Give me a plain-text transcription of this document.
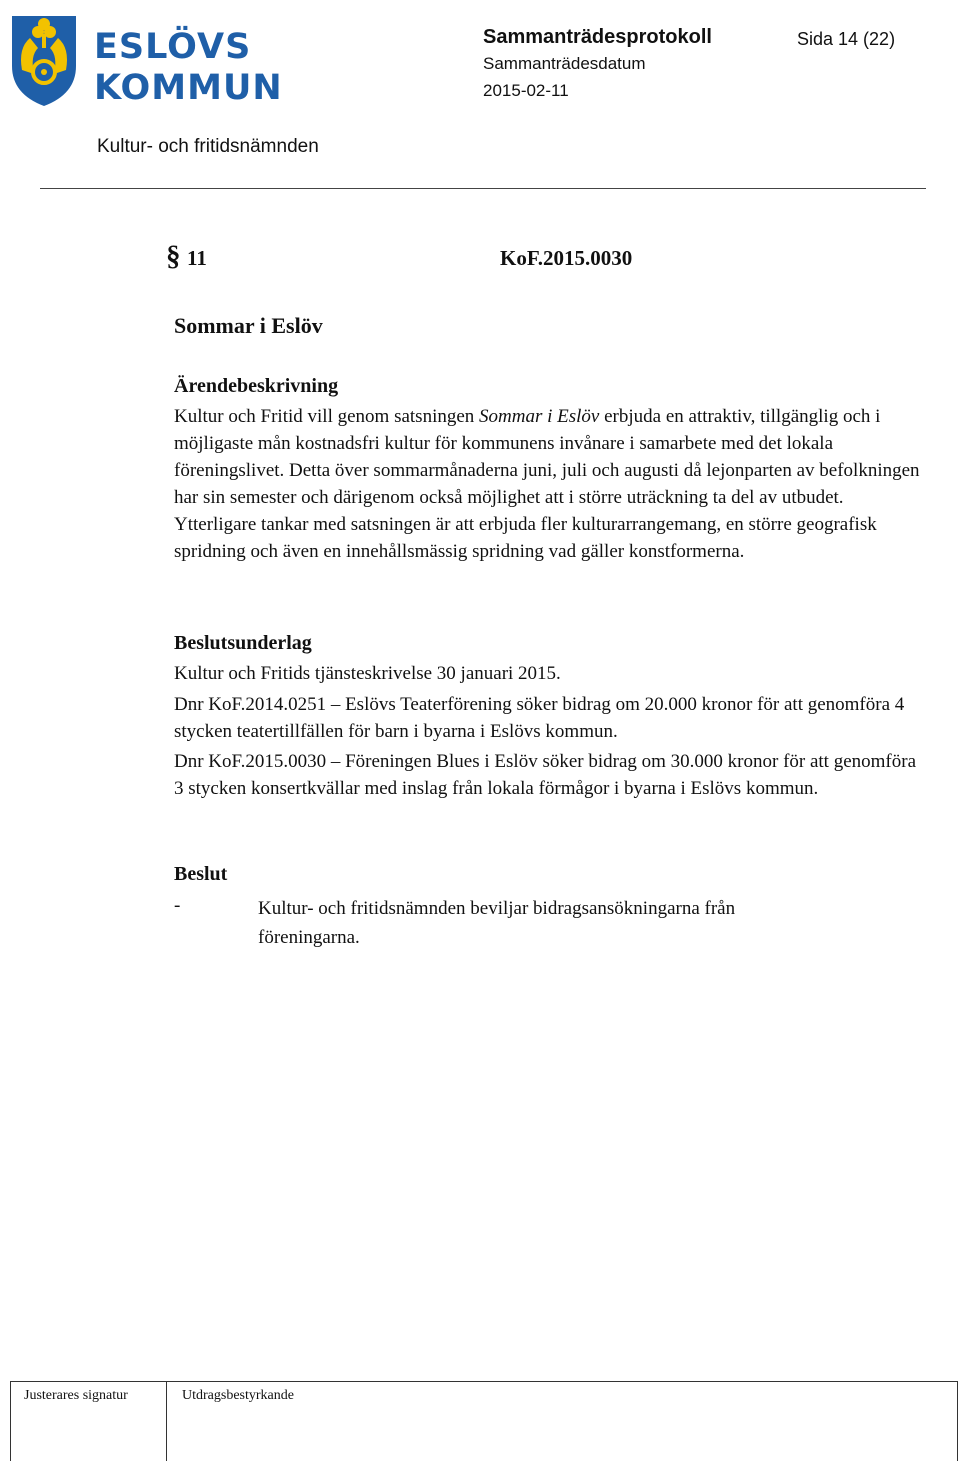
ESLÖVS
KOMMUN
Sammanträdesprotokoll	Sida 14 (22)
Sammanträdesdatum
2015-02-11
Kultur- och fritidsnämnden
§ 11	KoF.2015.0030
Sommar i Eslöv
Ärendebeskrivning

Kultur och Fritid vill genom satsningen Sommar i Eslöv erbjuda en attraktiv, tillgänglig och i möjligaste mån kostnadsfri kultur för kommunens invånare i samarbete med det lokala föreningslivet. Detta över sommarmånaderna juni, juli och augusti då lejonparten av befolkningen har sin semester och därigenom också möjlighet att i större uträckning ta del av utbudet. Ytterligare tankar med satsningen är att erbjuda fler kulturarrangemang, en större geografisk spridning och även en innehållsmässig spridning vad gäller konstformerna.

Beslutsunderlag

Kultur och Fritids tjänsteskrivelse 30 januari 2015.

Dnr KoF.2014.0251 – Eslövs Teaterförening söker bidrag om 20.000 kronor för att genomföra 4 stycken teatertillfällen för barn i byarna i Eslövs kommun.

Dnr KoF.2015.0030 – Föreningen Blues i Eslöv söker bidrag om 30.000 kronor för att genomföra 3 stycken konsertkvällar med inslag från lokala förmågor i byarna i Eslövs kommun.

Beslut
-	Kultur- och fritidsnämnden beviljar bidragsansökningarna från föreningarna.

Justerares signatur	Utdragsbestyrkande
